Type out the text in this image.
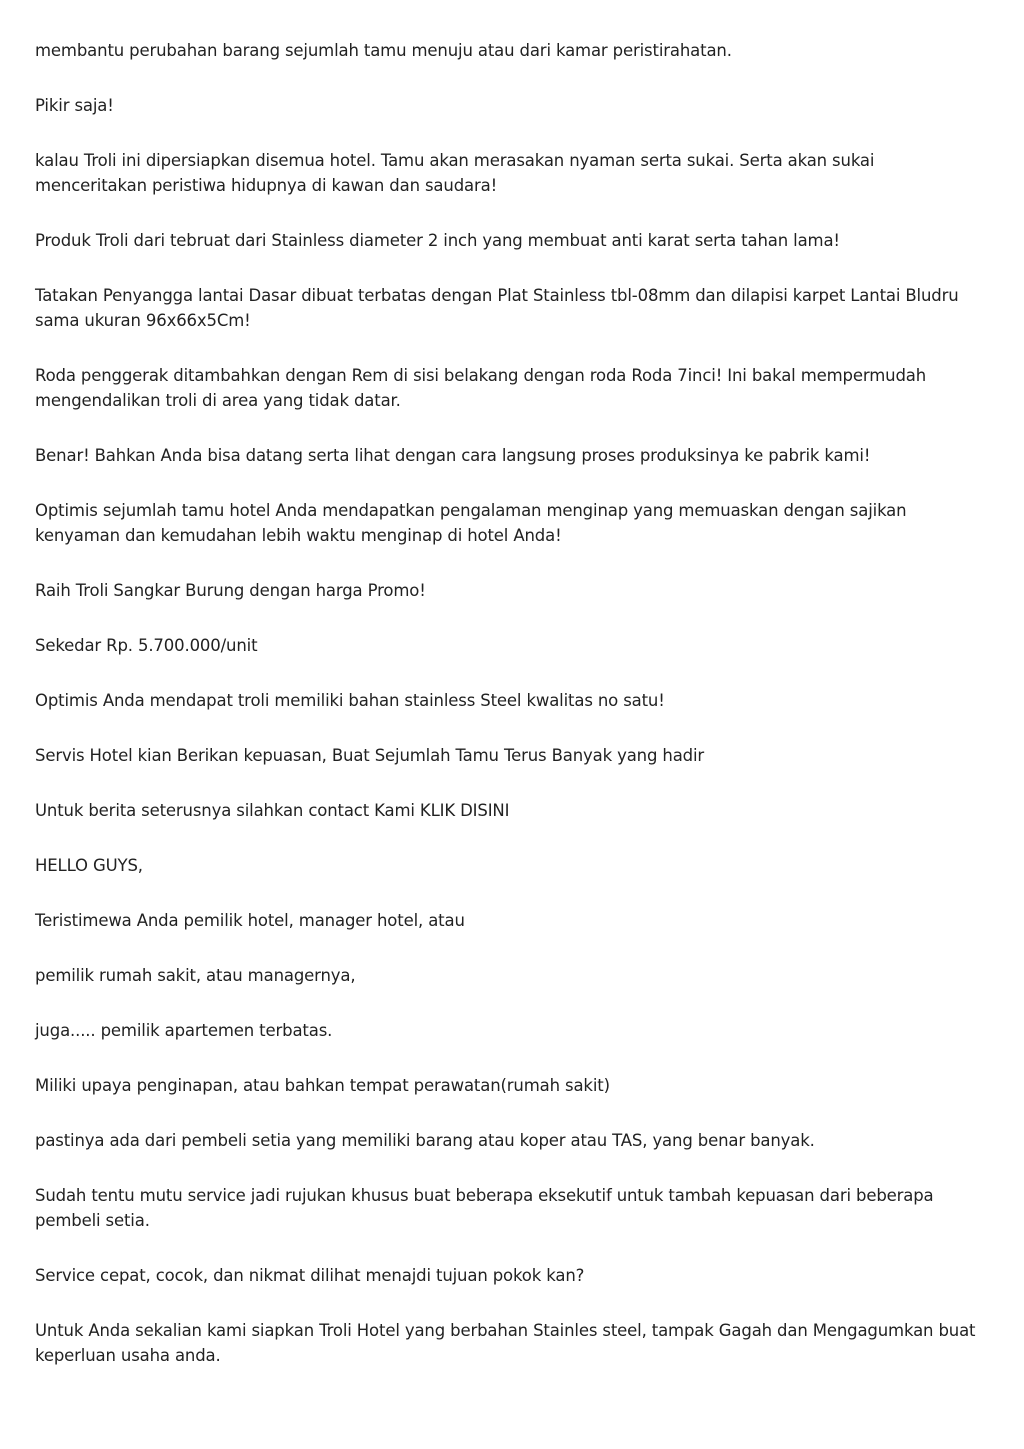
membantu perubahan barang sejumlah tamu menuju atau dari kamar peristirahatan.

Pikir saja!

kalau Troli ini dipersiapkan disemua hotel. Tamu akan merasakan nyaman serta sukai. Serta akan sukai menceritakan peristiwa hidupnya di kawan dan saudara!

Produk Troli dari tebruat dari Stainless diameter 2 inch yang membuat anti karat serta tahan lama!

Tatakan Penyangga lantai Dasar dibuat terbatas dengan Plat Stainless tbl-08mm dan dilapisi karpet Lantai Bludru sama ukuran 96x66x5Cm!

Roda penggerak ditambahkan dengan Rem di sisi belakang dengan roda Roda 7inci! Ini bakal mempermudah mengendalikan troli di area yang tidak datar.

Benar! Bahkan Anda bisa datang serta lihat dengan cara langsung proses produksinya ke pabrik kami!

Optimis sejumlah tamu hotel Anda mendapatkan pengalaman menginap yang memuaskan dengan sajikan kenyaman dan kemudahan lebih waktu menginap di hotel Anda!

Raih Troli Sangkar Burung dengan harga Promo!

Sekedar Rp. 5.700.000/unit

Optimis Anda mendapat troli memiliki bahan stainless Steel kwalitas no satu!

Servis Hotel kian Berikan kepuasan, Buat Sejumlah Tamu Terus Banyak yang hadir

Untuk berita seterusnya silahkan contact Kami KLIK DISINI

HELLO GUYS,

Teristimewa Anda pemilik hotel, manager hotel, atau

pemilik rumah sakit, atau managernya,

juga..... pemilik apartemen terbatas.

Miliki upaya penginapan, atau bahkan tempat perawatan(rumah sakit)

pastinya ada dari pembeli setia yang memiliki barang atau koper atau TAS, yang benar banyak.

Sudah tentu mutu service jadi rujukan khusus buat beberapa eksekutif untuk tambah kepuasan dari beberapa pembeli setia.

Service cepat, cocok, dan nikmat dilihat menajdi tujuan pokok kan?

Untuk Anda sekalian kami siapkan Troli Hotel yang berbahan Stainles steel, tampak Gagah dan Mengagumkan buat keperluan usaha anda.
